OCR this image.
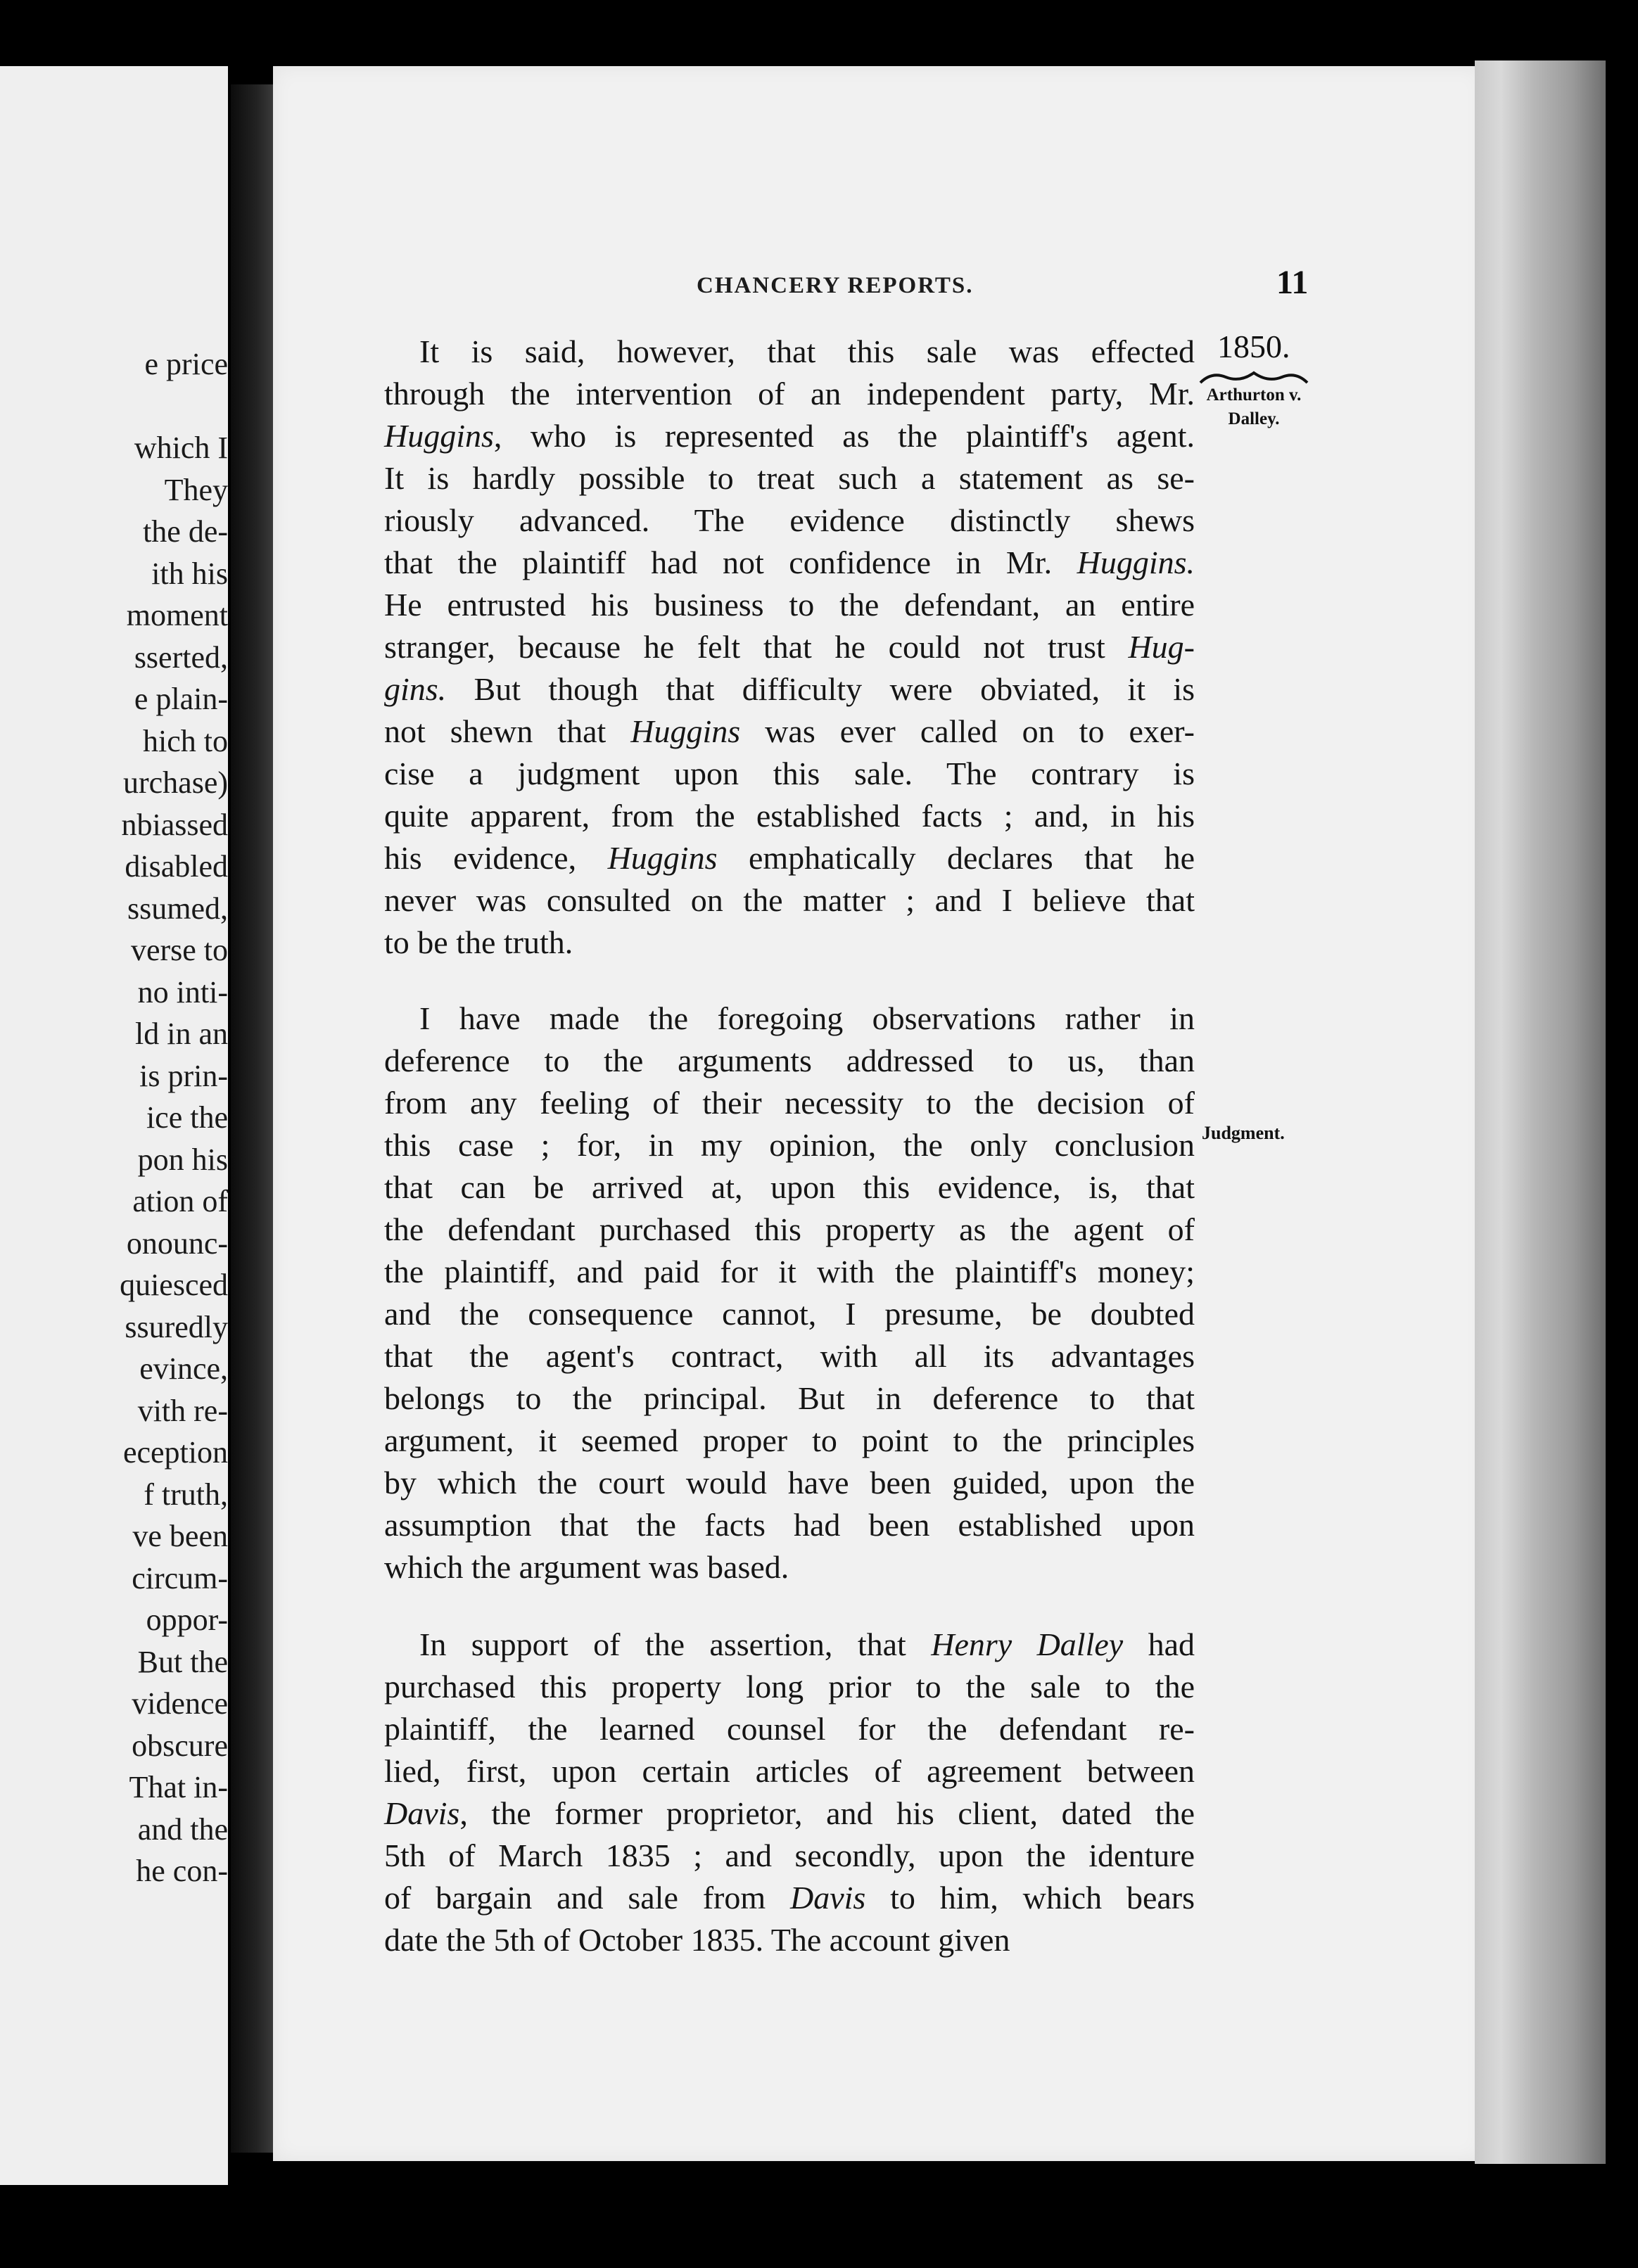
e price
which I
They
the de-
ith his
moment
sserted,
e plain-
hich to
urchase)
nbiassed
disabled
ssumed,
verse to
no inti-
ld in an
is prin-
ice the
pon his
ation of
onounc-
quiesced
ssuredly
evince,
vith re-
eception
f truth,
ve been
circum-
oppor-
But the
vidence
obscure
That in-
and the
he con-
CHANCERY REPORTS.	11
1850.
Arthurton v.
Dalley.
Judgment.
It is said, however, that this sale was effected
through the intervention of an independent party, Mr.
Huggins, who is represented as the plaintiff's agent.
It is hardly possible to treat such a statement as se-
riously advanced. The evidence distinctly shews
that the plaintiff had not confidence in Mr. Huggins.
He entrusted his business to the defendant, an entire
stranger, because he felt that he could not trust Hug-
gins. But though that difficulty were obviated, it is
not shewn that Huggins was ever called on to exer-
cise a judgment upon this sale. The contrary is
quite apparent, from the established facts ; and, in his
his evidence, Huggins emphatically declares that he
never was consulted on the matter ; and I believe that
to be the truth.
I have made the foregoing observations rather in
deference to the arguments addressed to us, than
from any feeling of their necessity to the decision of
this case ; for, in my opinion, the only conclusion
that can be arrived at, upon this evidence, is, that
the defendant purchased this property as the agent of
the plaintiff, and paid for it with the plaintiff's money;
and the consequence cannot, I presume, be doubted
that the agent's contract, with all its advantages
belongs to the principal. But in deference to that
argument, it seemed proper to point to the principles
by which the court would have been guided, upon the
assumption that the facts had been established upon
which the argument was based.
In support of the assertion, that Henry Dalley had
purchased this property long prior to the sale to the
plaintiff, the learned counsel for the defendant re-
lied, first, upon certain articles of agreement between
Davis, the former proprietor, and his client, dated the
5th of March 1835 ; and secondly, upon the identure
of bargain and sale from Davis to him, which bears
date the 5th of October 1835. The account given
